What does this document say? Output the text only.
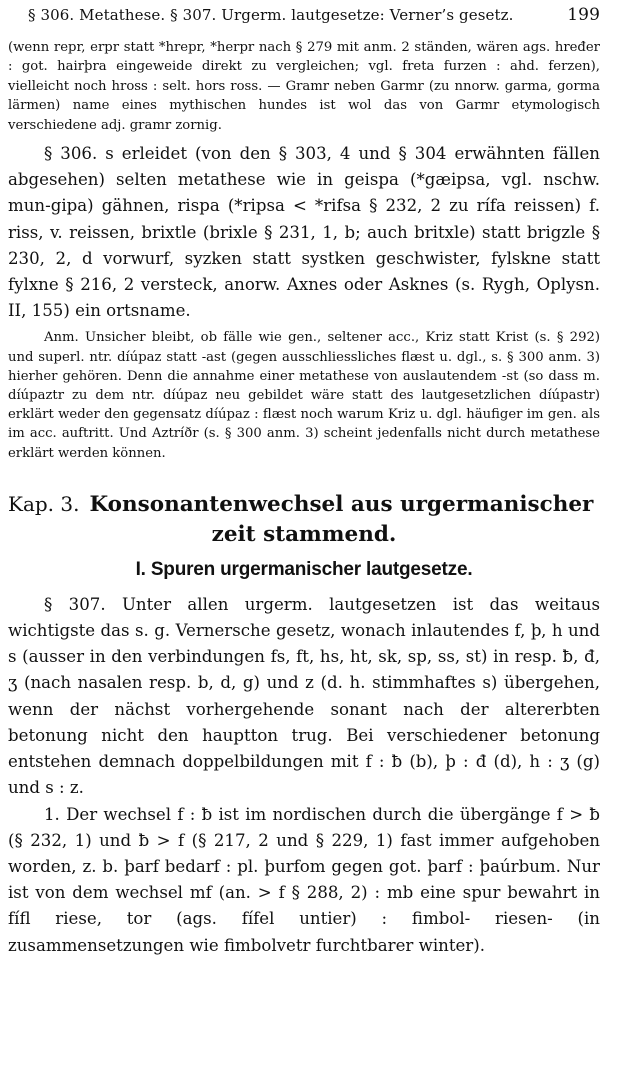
§ 306. Metathese. § 307. Urgerm. lautgesetze: Verner’s gesetz.	199

(wenn repr, erpr statt *hrepr, *herpr nach § 279 mit anm. 2 ständen, wären ags. hređer : got. hairþra eingeweide direkt zu vergleichen; vgl. freta furzen : ahd. ferzen), vielleicht noch hross : selt. hors ross. — Gramr neben Garmr (zu nnorw. garma, gorma lärmen) name eines mythischen hundes ist wol das von Garmr etymologisch verschiedene adj. gramr zornig.

§ 306. s erleidet (von den § 303, 4 und § 304 erwähnten fällen abgesehen) selten metathese wie in geispa (*gæipsa, vgl. nschw. mun-gipa) gähnen, rispa (*ripsa < *rifsa § 232, 2 zu rífa reissen) f. riss, v. reissen, brixtle (brixle § 231, 1, b; auch britxle) statt brigzle § 230, 2, d vorwurf, syzken statt systken geschwister, fylskne statt fylxne § 216, 2 versteck, anorw. Axnes oder Asknes (s. Rygh, Oplysn. II, 155) ein ortsname.

Anm. Unsicher bleibt, ob fälle wie gen., seltener acc., Kriz statt Krist (s. § 292) und superl. ntr. díúpaz statt -ast (gegen ausschliessliches flæst u. dgl., s. § 300 anm. 3) hierher gehören. Denn die annahme einer metathese von auslautendem -st (so dass m. díúpaztr zu dem ntr. díúpaz neu gebildet wäre statt des lautgesetzlichen díúpastr) erklärt weder den gegensatz díúpaz : flæst noch warum Kriz u. dgl. häufiger im gen. als im acc. auftritt. Und Aztríðr (s. § 300 anm. 3) scheint jedenfalls nicht durch metathese erklärt werden können.

Kap. 3. Konsonantenwechsel aus urgermanischer
zeit stammend.
I. Spuren urgermanischer lautgesetze.

§ 307. Unter allen urgerm. lautgesetzen ist das weitaus wichtigste das s. g. Vernersche gesetz, wonach inlautendes f, þ, h und s (ausser in den verbindungen fs, ft, hs, ht, sk, sp, ss, st) in resp. ƀ, đ, ʒ (nach nasalen resp. b, d, g) und z (d. h. stimmhaftes s) übergehen, wenn der nächst vorhergehende sonant nach der altererbten betonung nicht den hauptton trug. Bei verschiedener betonung entstehen demnach doppelbildungen mit f : ƀ (b), þ : đ (d), h : ʒ (g) und s : z.

1. Der wechsel f : ƀ ist im nordischen durch die übergänge f > ƀ (§ 232, 1) und ƀ > f (§ 217, 2 und § 229, 1) fast immer aufgehoben worden, z. b. þarf bedarf : pl. þurfom gegen got. þarf : þaúrbum. Nur ist von dem wechsel mf (an. > f § 288, 2) : mb eine spur bewahrt in fífl riese, tor (ags. fífel untier) : fimbol- riesen- (in zusammensetzungen wie fimbolvetr furchtbarer winter).
